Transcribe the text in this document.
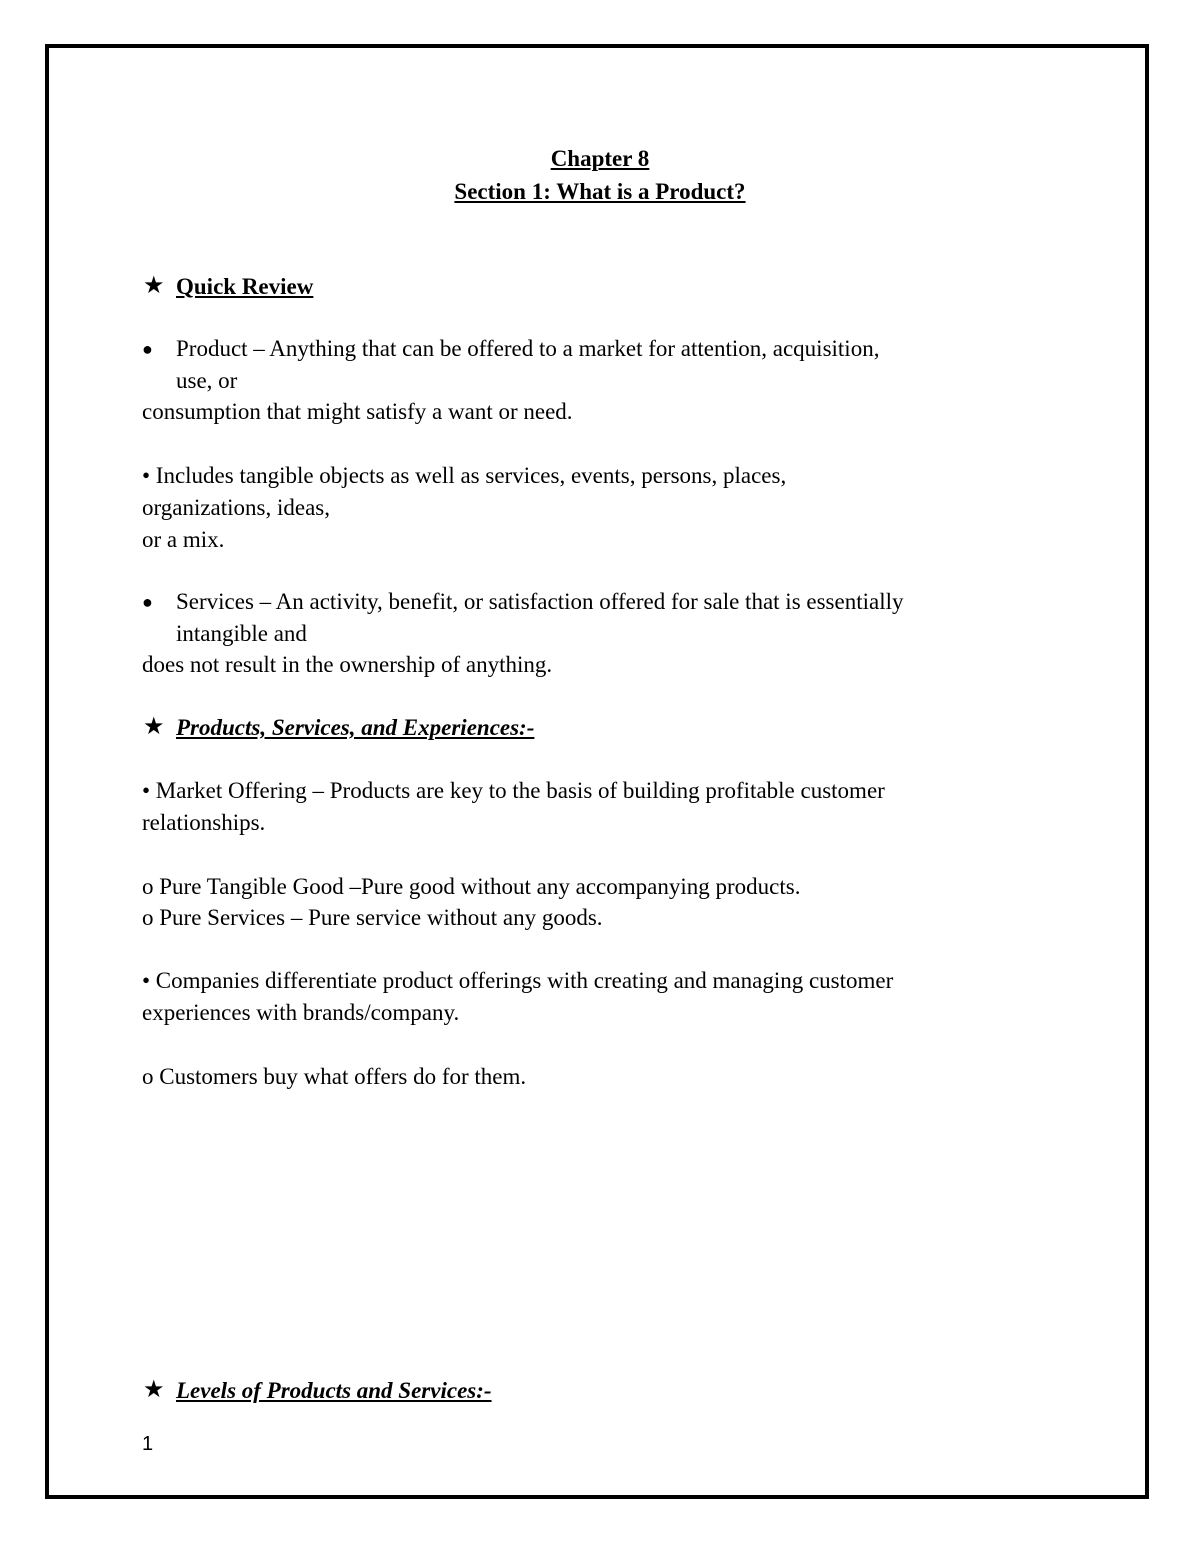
Chapter 8
Section 1: What is a Product?
★ Quick Review
● Product – Anything that can be offered to a market for attention, acquisition,
use, or
consumption that might satisfy a want or need.
• Includes tangible objects as well as services, events, persons, places,
organizations, ideas,
or a mix.
● Services – An activity, benefit, or satisfaction offered for sale that is essentially
intangible and
does not result in the ownership of anything.
★ Products, Services, and Experiences:-
• Market Offering – Products are key to the basis of building profitable customer
relationships.
o Pure Tangible Good –Pure good without any accompanying products.
o Pure Services – Pure service without any goods.
• Companies differentiate product offerings with creating and managing customer
experiences with brands/company.
o Customers buy what offers do for them.
★ Levels of Products and Services:-
1
